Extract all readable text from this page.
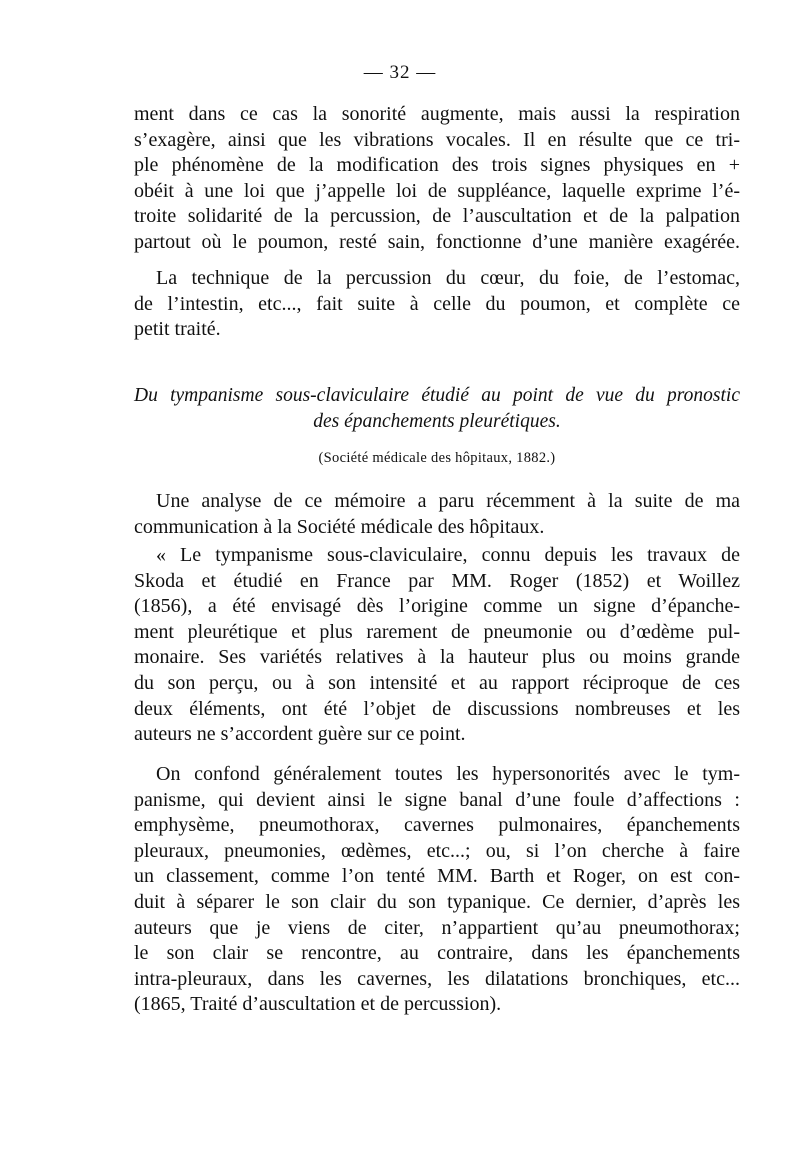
— 32 —
ment dans ce cas la sonorité augmente, mais aussi la respiration
s’exagère, ainsi que les vibrations vocales. Il en résulte que ce tri-
ple phénomène de la modification des trois signes physiques en +
obéit à une loi que j’appelle loi de suppléance, laquelle exprime l’é-
troite solidarité de la percussion, de l’auscultation et de la palpation
partout où le poumon, resté sain, fonctionne d’une manière exagérée.
La technique de la percussion du cœur, du foie, de l’estomac,
de l’intestin, etc..., fait suite à celle du poumon, et complète ce
petit traité.
Du tympanisme sous-claviculaire étudié au point de vue du pronostic
des épanchements pleurétiques.
(Société médicale des hôpitaux, 1882.)
Une analyse de ce mémoire a paru récemment à la suite de ma
communication à la Société médicale des hôpitaux.
« Le tympanisme sous-claviculaire, connu depuis les travaux de
Skoda et étudié en France par MM. Roger (1852) et Woillez
(1856), a été envisagé dès l’origine comme un signe d’épanche-
ment pleurétique et plus rarement de pneumonie ou d’œdème pul-
monaire. Ses variétés relatives à la hauteur plus ou moins grande
du son perçu, ou à son intensité et au rapport réciproque de ces
deux éléments, ont été l’objet de discussions nombreuses et les
auteurs ne s’accordent guère sur ce point.
On confond généralement toutes les hypersonorités avec le tym-
panisme, qui devient ainsi le signe banal d’une foule d’affections :
emphysème, pneumothorax, cavernes pulmonaires, épanchements
pleuraux, pneumonies, œdèmes, etc...; ou, si l’on cherche à faire
un classement, comme l’on tenté MM. Barth et Roger, on est con-
duit à séparer le son clair du son typanique. Ce dernier, d’après les
auteurs que je viens de citer, n’appartient qu’au pneumothorax;
le son clair se rencontre, au contraire, dans les épanchements
intra-pleuraux, dans les cavernes, les dilatations bronchiques, etc...
(1865, Traité d’auscultation et de percussion).
